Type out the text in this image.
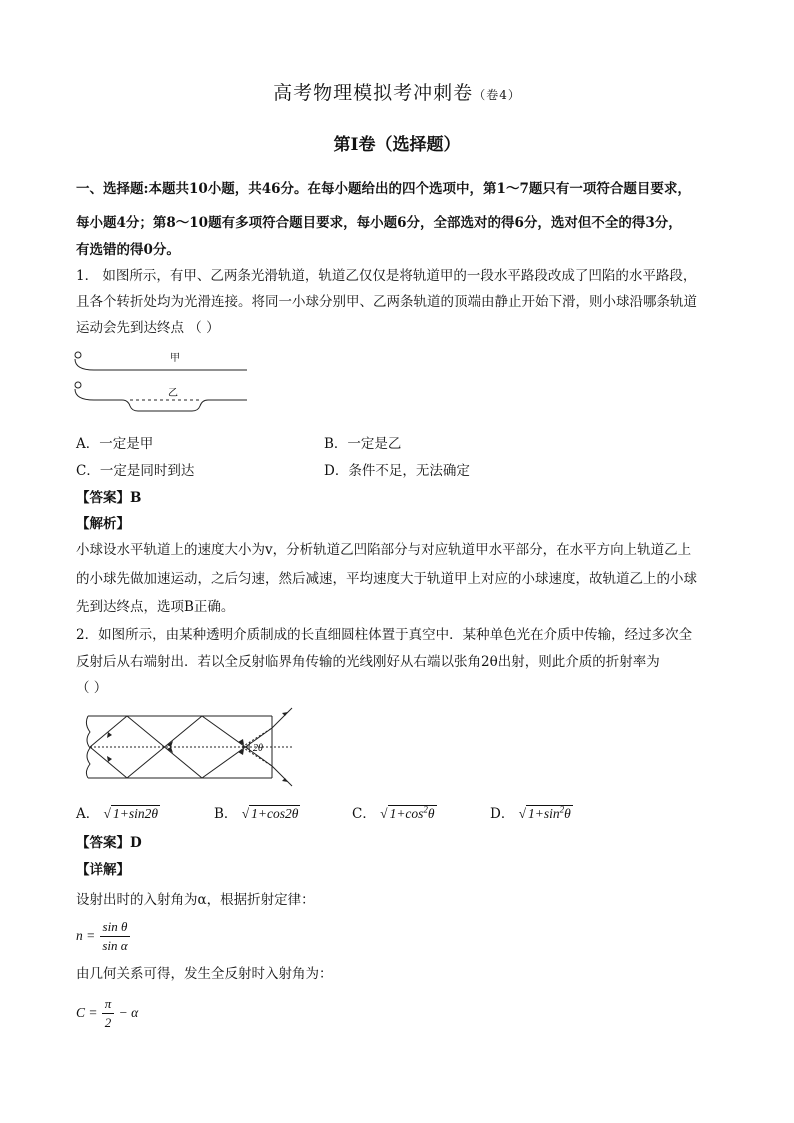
高考物理模拟考冲刺卷（卷4）
第Ⅰ卷（选择题）
一、选择题:本题共10小题，共46分。在每小题给出的四个选项中，第1～7题只有一项符合题目要求，
每小题4分；第8～10题有多项符合题目要求，每小题6分，全部选对的得6分，选对但不全的得3分，
有选错的得0分。
1． 如图所示，有甲、乙两条光滑轨道，轨道乙仅仅是将轨道甲的一段水平路段改成了凹陷的水平路段，
且各个转折处均为光滑连接。将同一小球分别甲、乙两条轨道的顶端由静止开始下滑，则小球沿哪条轨道
运动会先到达终点 （ ）
甲
乙
A．一定是甲	B．一定是乙
C．一定是同时到达	D．条件不足，无法确定
【答案】B
【解析】
小球设水平轨道上的速度大小为v，分析轨道乙凹陷部分与对应轨道甲水平部分，在水平方向上轨道乙上
的小球先做加速运动，之后匀速，然后减速，平均速度大于轨道甲上对应的小球速度，故轨道乙上的小球
先到达终点，选项B正确。
2．如图所示，由某种透明介质制成的长直细圆柱体置于真空中．某种单色光在介质中传输，经过多次全
反射后从右端射出．若以全反射临界角传输的光线刚好从右端以张角2θ出射，则此介质的折射率为
（ ）
2θ
A． √ 1+sin2θ	B． √ 1+cos2θ	C． √ $1+\cos^2\theta$	D． √ $1+\sin^2\theta$
【答案】D
【详解】
设射出时的入射角为α，根据折射定律：
$n = \frac{\text{sin θ}}{\text{sin α}}$
由几何关系可得，发生全反射时入射角为：
$C = \frac{\pi}{2} - \alpha$
